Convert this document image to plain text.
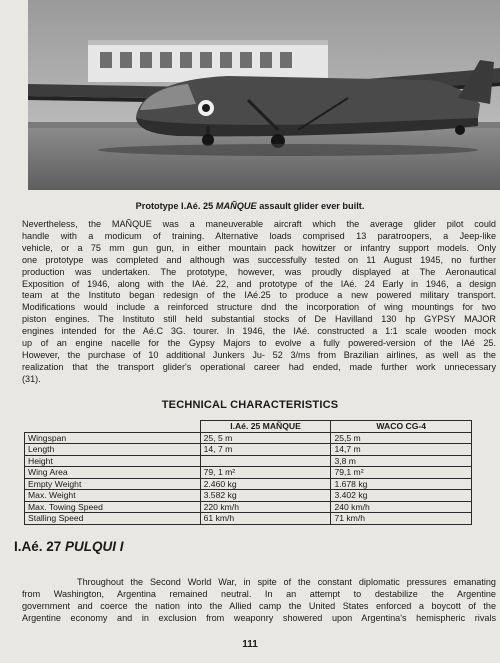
Prototype I.Aé. 25 MAÑQUE assault glider ever built.
Nevertheless, the MAÑQUE was a maneuverable aircraft which the average glider pilot could
handle with a modicum of training. Alternative loads comprised 13 paratroopers, a Jeep-like
vehicle, or a 75 mm gun gun, in either mountain pack howitzer or infantry support models. Only
one prototype was completed and although was successfully tested on 11 August 1945, no further
production was undertaken. The prototype, however, was proudly displayed at The Aeronautical
Exposition of 1946, along with the IAé. 22, and prototype of the IAé. 24 Early in 1946, a design
team at the Instituto began redesign of the IAé.25 to produce a new powered military transport.
Modifications would include a reinforced structure dnd the incorporation of wing mountings for two
piston engines. The Instituto still held substantial stocks of De Havilland 130 hp GYPSY MAJOR
engines intended for the Aé.C 3G. tourer. In 1946, the IAé. constructed a 1:1 scale wooden mock
up of an engine nacelle for the Gypsy Majors to evolve a fully powered-version of the IAé 25.
However, the purchase of 10 additional Junkers Ju- 52 3/ms from Brazilian airlines, as well as the
realization that the transport glider's operational career had ended, made further work unnecessary
(31).
TECHNICAL CHARACTERISTICS
	I.Aé. 25 MAÑQUE	WACO CG-4
Wingspan	25, 5 m	25,5 m
Length	14, 7 m	14,7 m
Height		3,8 m
Wing Area	79, 1 m²	79,1 m²
Empty Weight	2.460 kg	1.678 kg
Max. Weight	3.582 kg	3.402 kg
Max. Towing Speed	220 km/h	240 km/h
Stalling Speed	61 km/h	71 km/h
I.Aé. 27 PULQUI I
Throughout the Second World War, in spite of the constant diplomatic pressures emanating
from Washington, Argentina remained neutral. In an attempt to destabilize the Argentine
government and coerce the nation into the Allied camp the United States enforced a boycott of the
Argentine economy and in exclusion from weaponry showered upon Argentina's hemispheric rivals
111
